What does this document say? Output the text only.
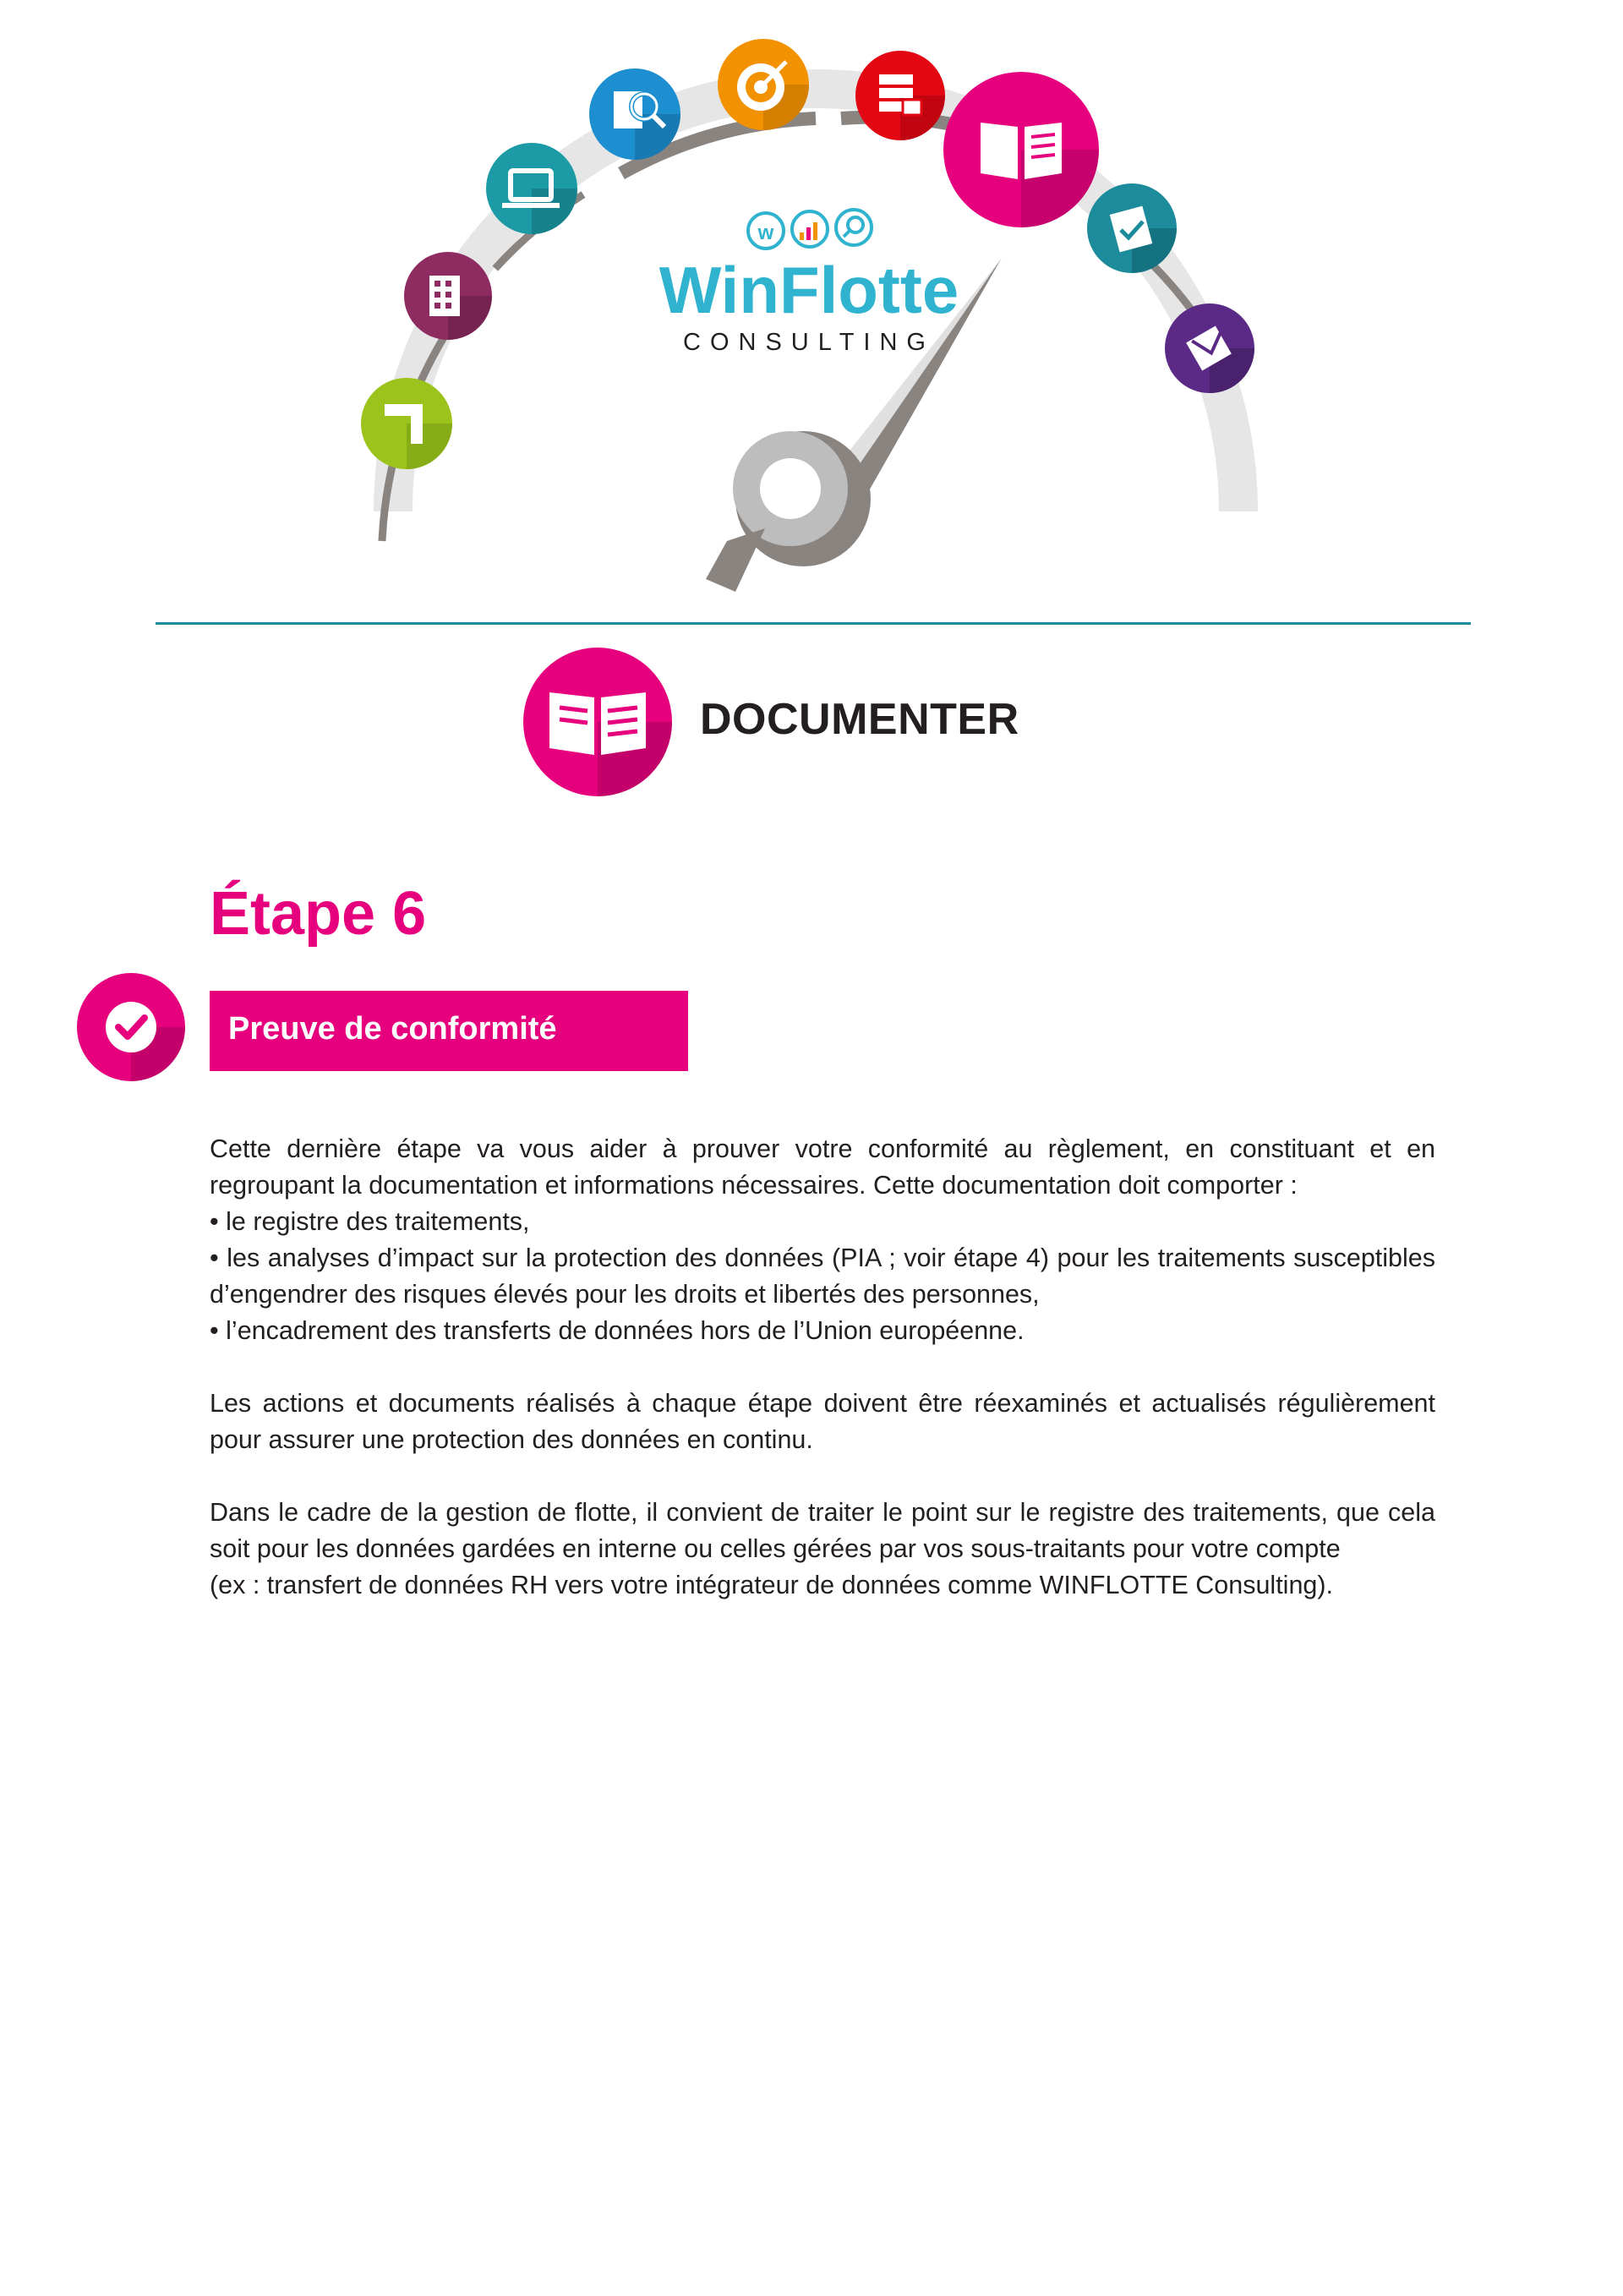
w
WinFlotte
CONSULTING
DOCUMENTER
Étape 6
Preuve de conformité

Cette dernière étape va vous aider à prouver votre conformité au règlement, en constituant et en regroupant la documentation et informations nécessaires. Cette documentation doit comporter :
• le registre des traitements,
• les analyses d’impact sur la protection des données (PIA ; voir étape 4) pour les traitements susceptibles d’engendrer des risques élevés pour les droits et libertés des personnes,
• l’encadrement des transferts de données hors de l’Union européenne.

Les actions et documents réalisés à chaque étape doivent être réexaminés et actualisés régulièrement pour assurer une protection des données en continu.

Dans le cadre de la gestion de flotte, il convient de traiter le point sur le registre des traitements, que cela soit pour les données gardées en interne ou celles gérées par vos sous-traitants pour votre compte
(ex : transfert de données RH vers votre intégrateur de données comme WINFLOTTE Consulting).
